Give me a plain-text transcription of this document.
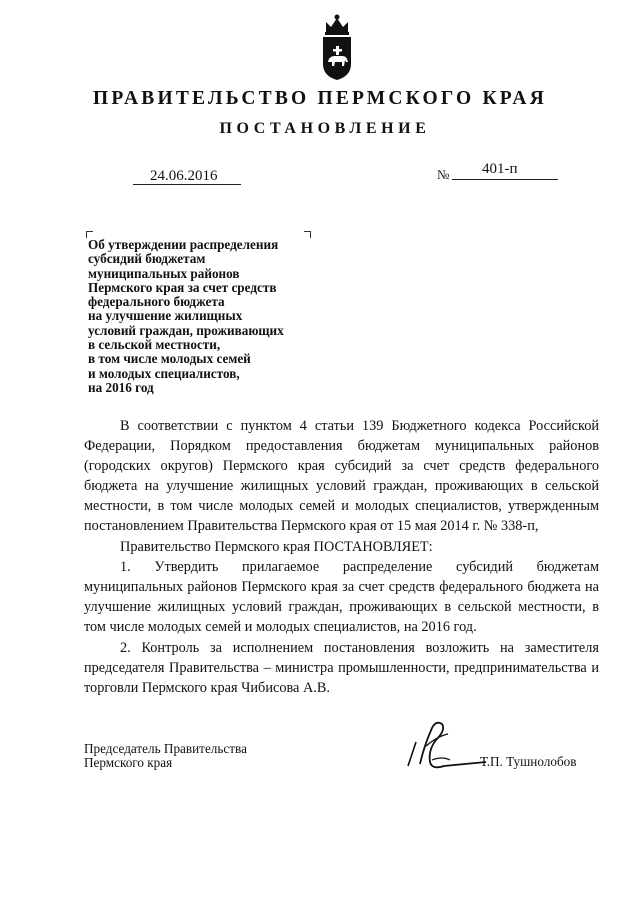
ПРАВИТЕЛЬСТВО ПЕРМСКОГО КРАЯ
ПОСТАНОВЛЕНИЕ
24.06.2016	№ 401-п
Об утверждении распределения
субсидий бюджетам
муниципальных районов
Пермского края за счет средств
федерального бюджета
на улучшение жилищных
условий граждан, проживающих
в сельской местности,
в том числе молодых семей
и молодых специалистов,
на 2016 год
В соответствии с пунктом 4 статьи 139 Бюджетного кодекса Российской Федерации, Порядком предоставления бюджетам муниципальных районов (городских округов) Пермского края субсидий за счет средств федерального бюджета на улучшение жилищных условий граждан, проживающих в сельской местности, в том числе молодых семей и молодых специалистов, утвержденным постановлением Правительства Пермского края от 15 мая 2014 г. № 338-п,
Правительство Пермского края ПОСТАНОВЛЯЕТ:
1. Утвердить прилагаемое распределение субсидий бюджетам муниципальных районов Пермского края за счет средств федерального бюджета на улучшение жилищных условий граждан, проживающих в сельской местности, в том числе молодых семей и молодых специалистов, на 2016 год.
2. Контроль за исполнением постановления возложить на заместителя председателя Правительства – министра промышленности, предпринимательства и торговли Пермского края Чибисова А.В.
Председатель Правительства
Пермского края	Т.П. Тушнолобов
